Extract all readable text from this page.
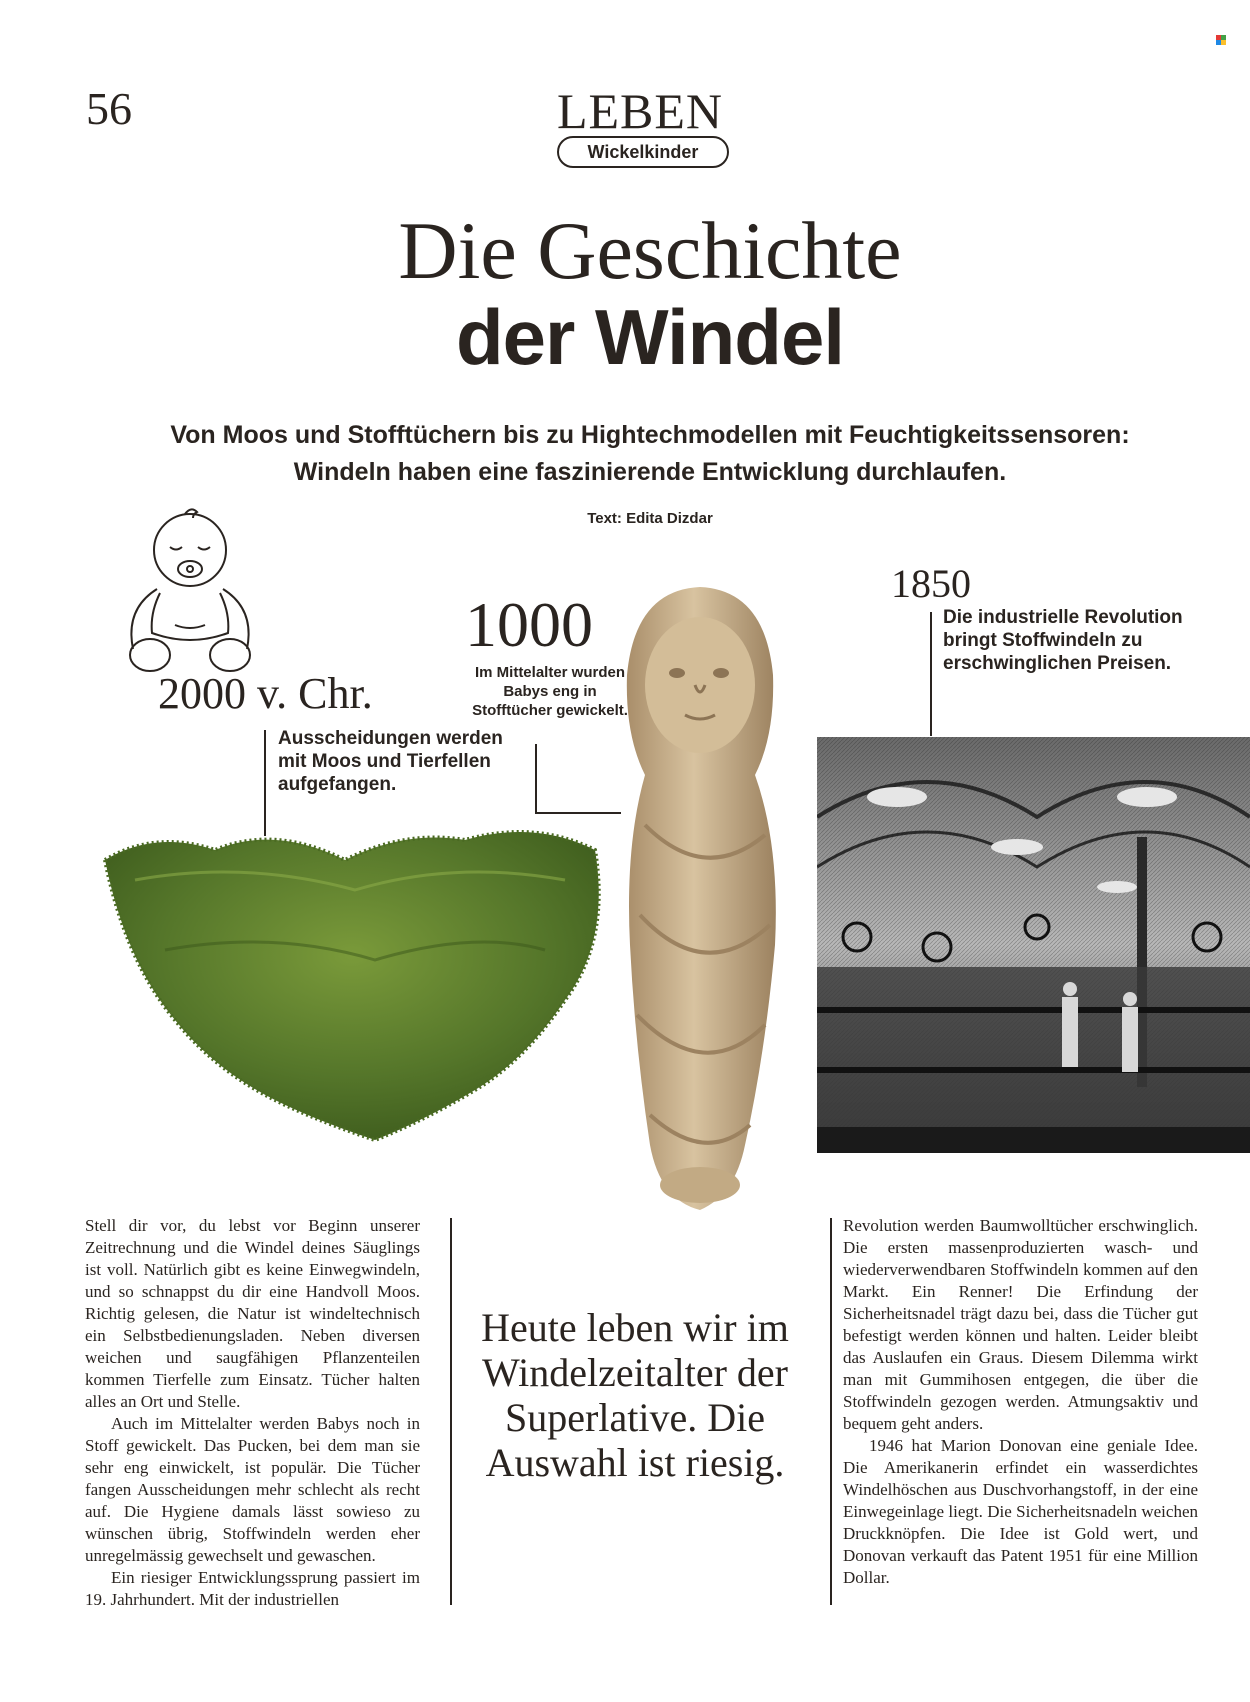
56	LEBEN
Wickelkinder
Die Geschichte
der Windel
Von Moos und Stofftüchern bis zu Hightechmodellen mit Feuchtigkeitssensoren:
Windeln haben eine faszinierende Entwicklung durchlaufen.
Text: Edita Dizdar
2000 v. Chr.
Ausscheidungen werden mit Moos und Tierfellen aufgefangen.
1000
Im Mittelalter wurden Babys eng in Stofftücher gewickelt.
1850
Die industrielle Revolution bringt Stoffwindeln zu erschwinglichen Preisen.

Stell dir vor, du lebst vor Beginn unserer Zeitrechnung und die Windel deines Säuglings ist voll. Natürlich gibt es keine Einwegwindeln, und so schnappst du dir eine Handvoll Moos. Richtig gelesen, die Natur ist windeltechnisch ein Selbstbedienungsladen. Neben diversen weichen und saugfähigen Pflanzenteilen kommen Tierfelle zum Einsatz. Tücher halten alles an Ort und Stelle.

Auch im Mittelalter werden Babys noch in Stoff gewickelt. Das Pucken, bei dem man sie sehr eng einwickelt, ist populär. Die Tücher fangen Ausscheidungen mehr schlecht als recht auf. Die Hygiene damals lässt sowieso zu wünschen übrig, Stoffwindeln werden eher unregelmässig gewechselt und gewaschen.

Ein riesiger Entwicklungssprung passiert im 19. Jahrhundert. Mit der industriellen

Heute leben wir im Windelzeitalter der Superlative. Die Auswahl ist riesig.

Revolution werden Baumwolltücher erschwinglich. Die ersten massenproduzierten wasch- und wiederverwendbaren Stoffwindeln kommen auf den Markt. Ein Renner! Die Erfindung der Sicherheitsnadel trägt dazu bei, dass die Tücher gut befestigt werden können und halten. Leider bleibt das Auslaufen ein Graus. Diesem Dilemma wirkt man mit Gummihosen entgegen, die über die Stoffwindeln gezogen werden. Atmungsaktiv und bequem geht anders.

1946 hat Marion Donovan eine geniale Idee. Die Amerikanerin erfindet ein wasserdichtes Windelhöschen aus Duschvorhangstoff, in der eine Einwegeinlage liegt. Die Sicherheitsnadeln weichen Druckknöpfen. Die Idee ist Gold wert, und Donovan verkauft das Patent 1951 für eine Million Dollar.
